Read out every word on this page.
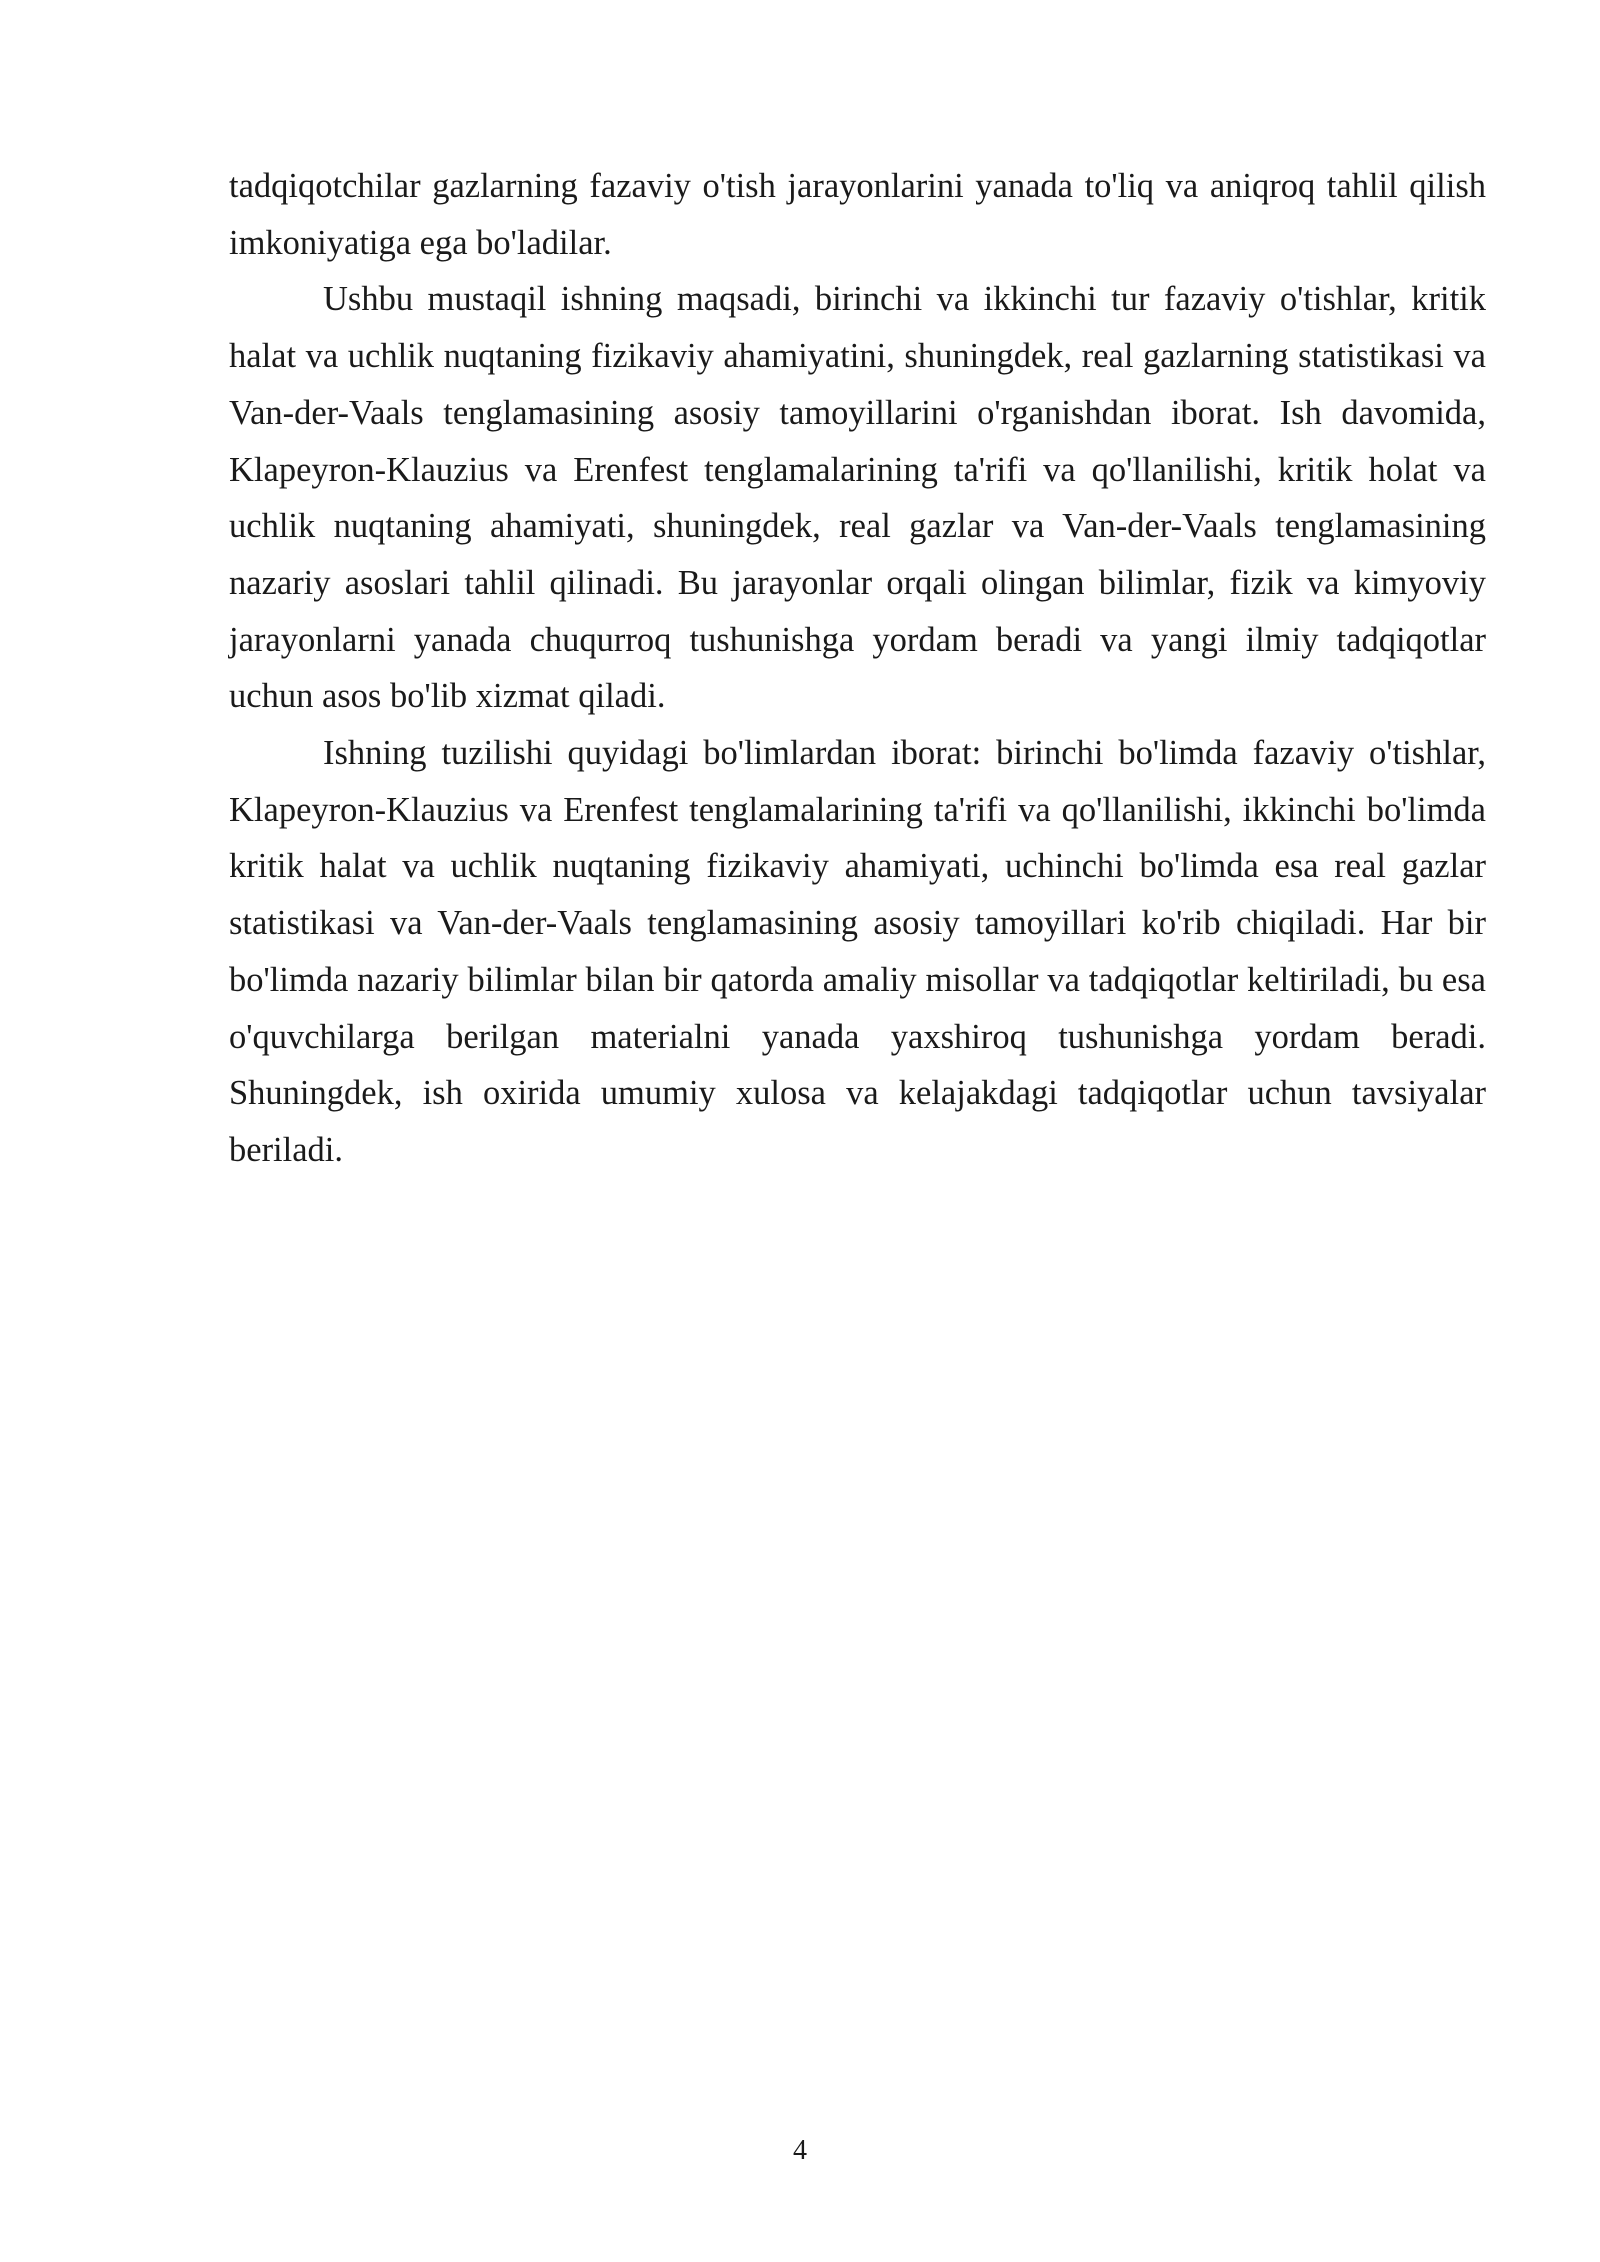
tadqiqotchilar gazlarning fazaviy o'tish jarayonlarini yanada to'liq va aniqroq tahlil qilish imkoniyatiga ega bo'ladilar.

Ushbu mustaqil ishning maqsadi, birinchi va ikkinchi tur fazaviy o'tishlar, kritik halat va uchlik nuqtaning fizikaviy ahamiyatini, shuningdek, real gazlarning statistikasi va Van-der-Vaals tenglamasining asosiy tamoyillarini o'rganishdan iborat. Ish davomida, Klapeyron-Klauzius va Erenfest tenglamalarining ta'rifi va qo'llanilishi, kritik holat va uchlik nuqtaning ahamiyati, shuningdek, real gazlar va Van-der-Vaals tenglamasining nazariy asoslari tahlil qilinadi. Bu jarayonlar orqali olingan bilimlar, fizik va kimyoviy jarayonlarni yanada chuqurroq tushunishga yordam beradi va yangi ilmiy tadqiqotlar uchun asos bo'lib xizmat qiladi.

Ishning tuzilishi quyidagi bo'limlardan iborat: birinchi bo'limda fazaviy o'tishlar, Klapeyron-Klauzius va Erenfest tenglamalarining ta'rifi va qo'llanilishi, ikkinchi bo'limda kritik halat va uchlik nuqtaning fizikaviy ahamiyati, uchinchi bo'limda esa real gazlar statistikasi va Van-der-Vaals tenglamasining asosiy tamoyillari ko'rib chiqiladi. Har bir bo'limda nazariy bilimlar bilan bir qatorda amaliy misollar va tadqiqotlar keltiriladi, bu esa o'quvchilarga berilgan materialni yanada yaxshiroq tushunishga yordam beradi. Shuningdek, ish oxirida umumiy xulosa va kelajakdagi tadqiqotlar uchun tavsiyalar beriladi.

4
